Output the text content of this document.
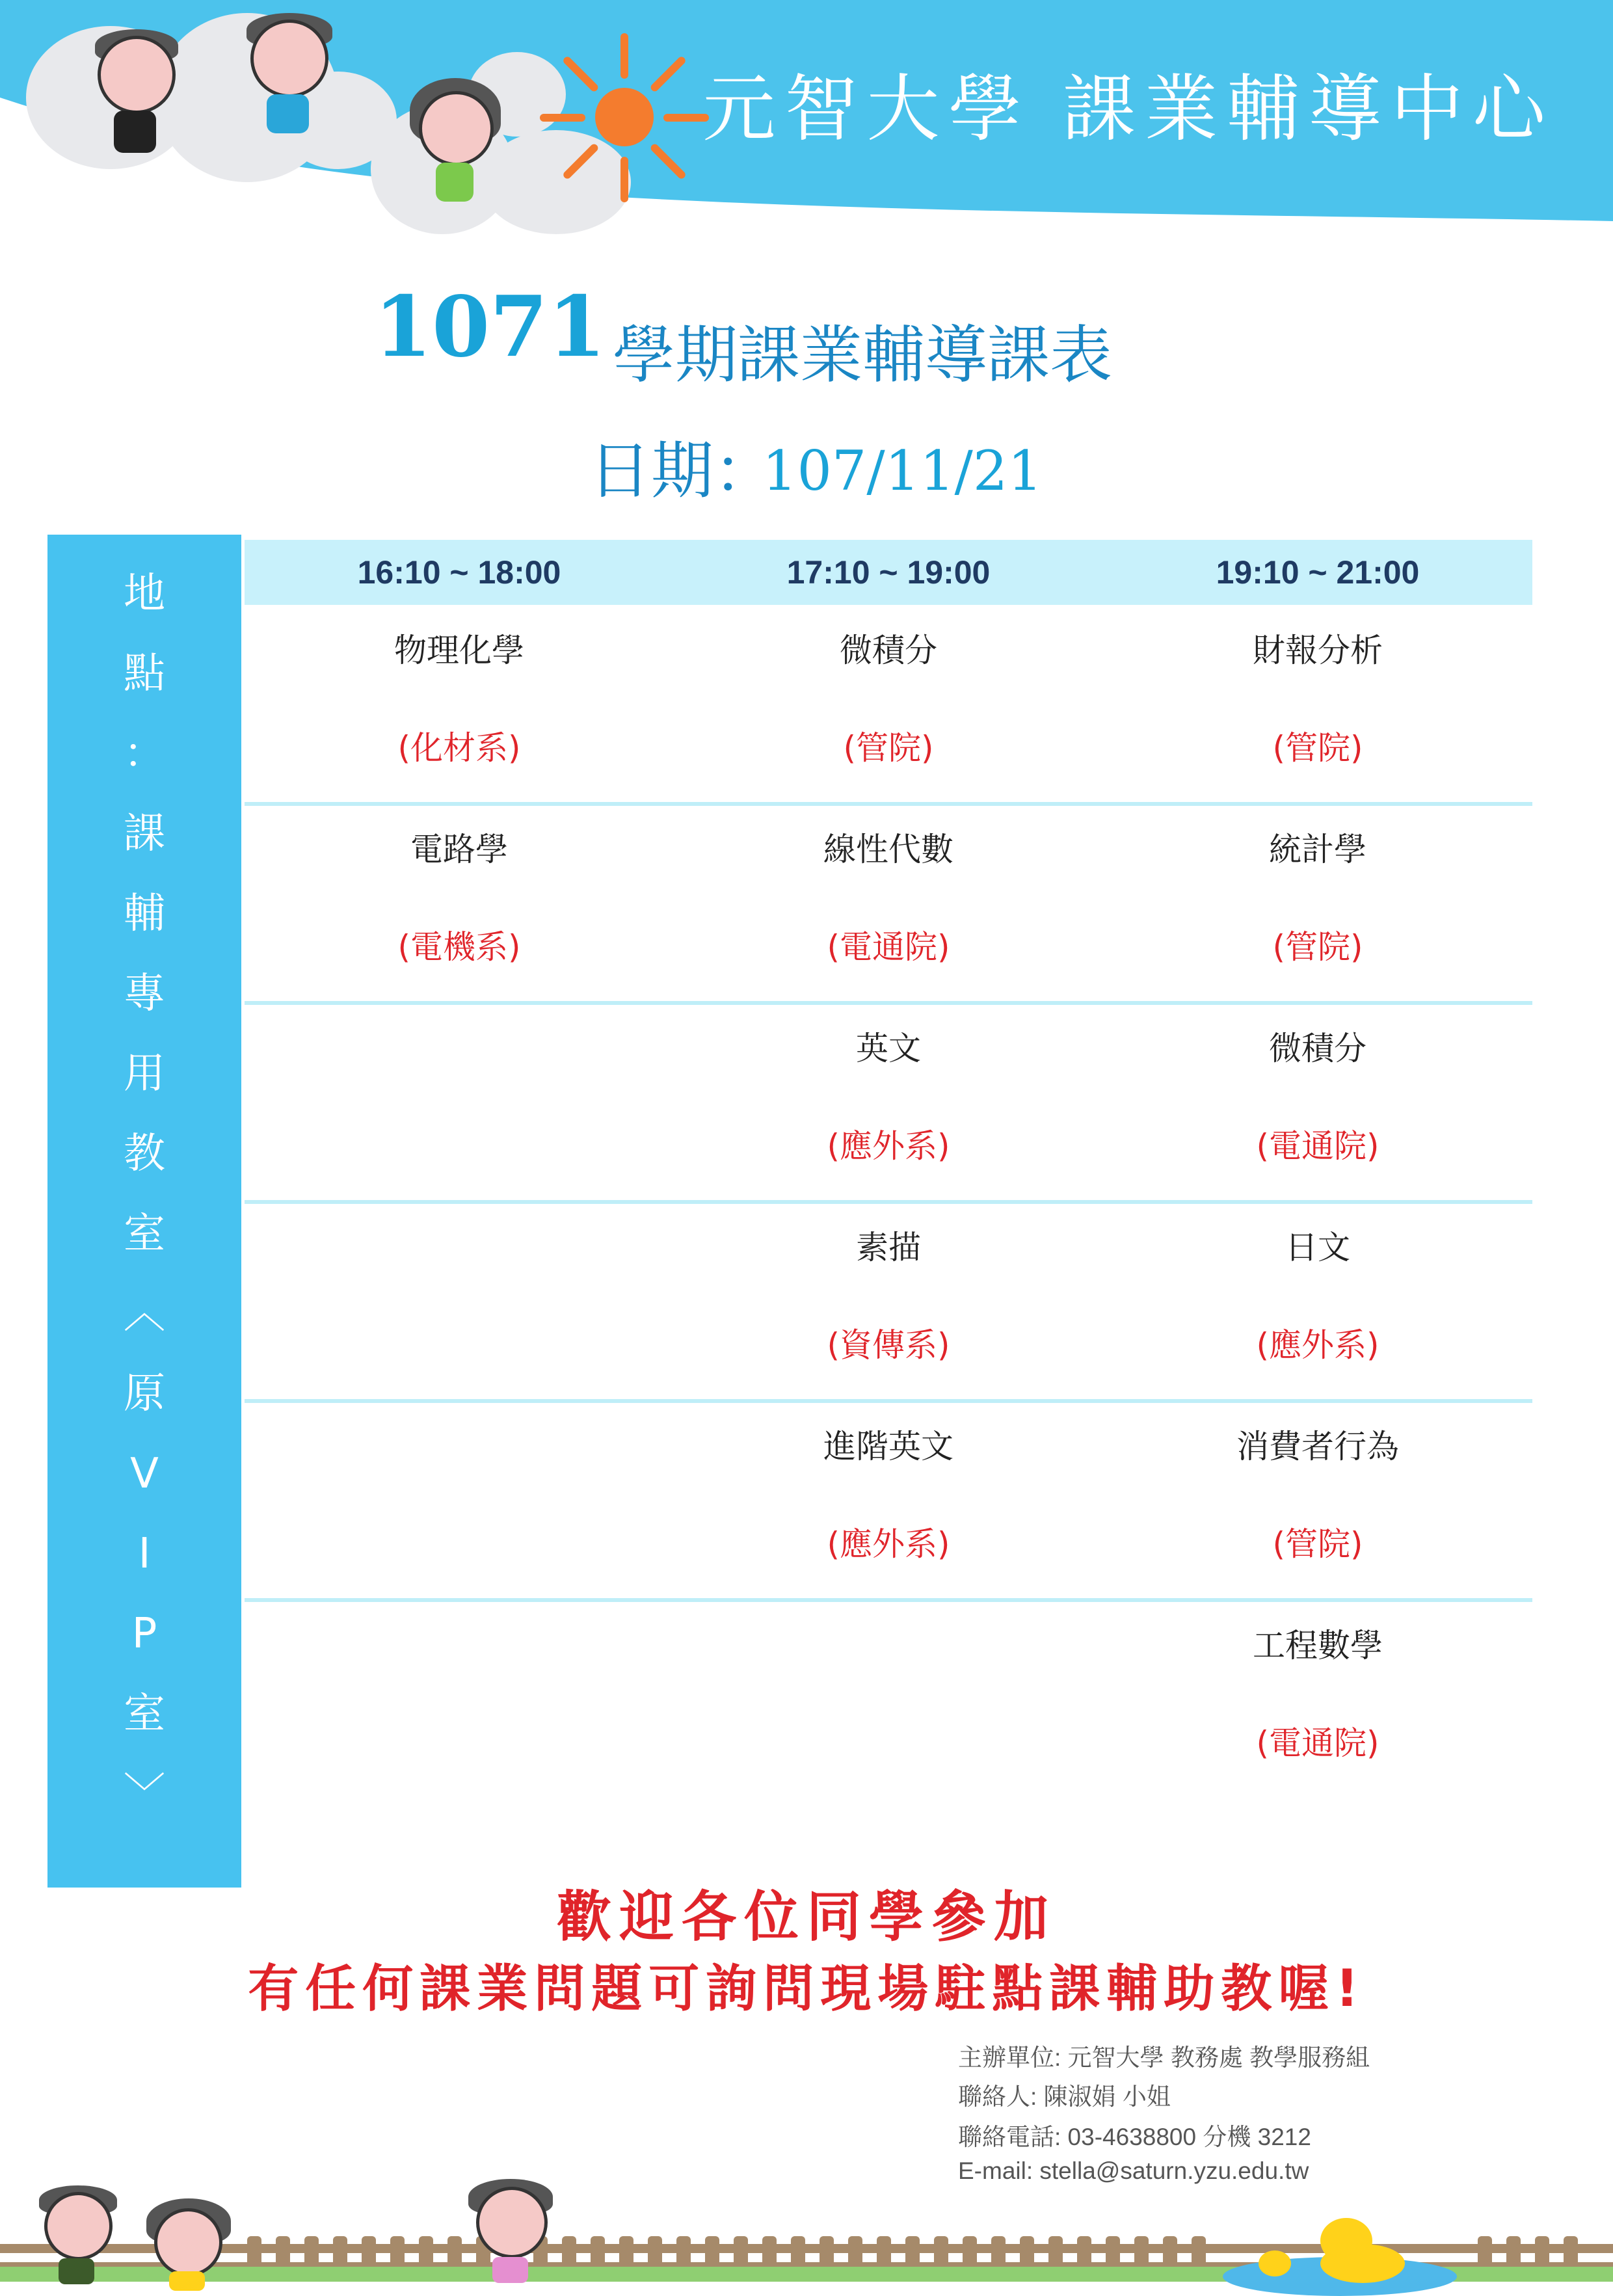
元智大學 課業輔導中心
1071 學期課業輔導課表
日期：
107/11/21
地
點
：
課
輔
專
用
教
室
︿
原
V
I
P
室
﹀
16:10 ~ 18:00	17:10 ~ 19:00	19:10 ~ 21:00
物理化學
(化材系)
微積分
(管院)
財報分析
(管院)
電路學
(電機系)
線性代數
(電通院)
統計學
(管院)
英文
(應外系)
微積分
(電通院)
素描
(資傳系)
日文
(應外系)
進階英文
(應外系)
消費者行為
(管院)
工程數學
(電通院)
歡迎各位同學參加
有任何課業問題可詢問現場駐點課輔助教喔!
主辦單位: 元智大學 教務處 教學服務組
聯絡人: 陳淑娟 小姐
聯絡電話: 03-4638800 分機 3212
E-mail: stella@saturn.yzu.edu.tw
